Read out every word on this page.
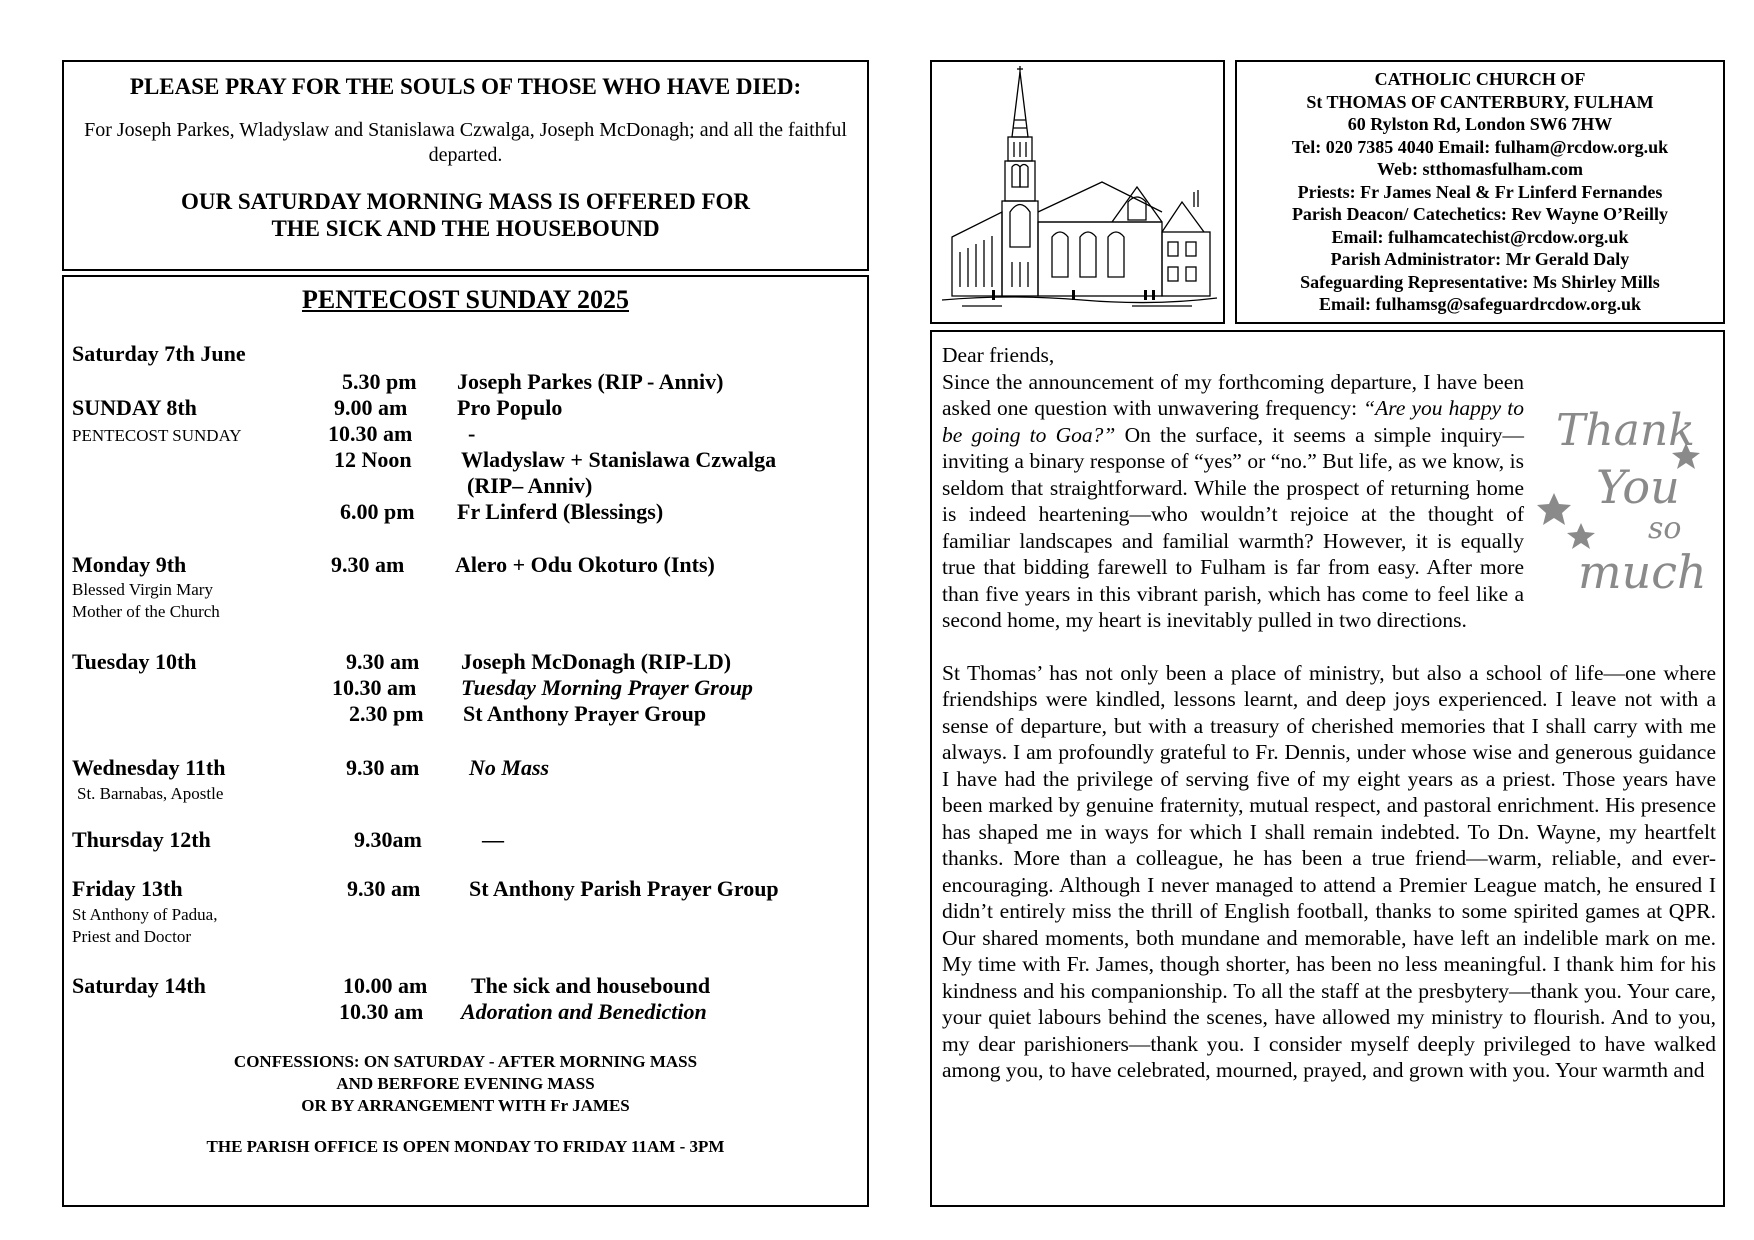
PLEASE PRAY FOR THE SOULS OF THOSE WHO HAVE DIED:

For Joseph Parkes, Wladyslaw and Stanislawa Czwalga, Joseph McDonagh; and all the faithful departed.

OUR SATURDAY MORNING MASS IS OFFERED FOR
THE SICK AND THE HOUSEBOUND

PENTECOST SUNDAY 2025
Saturday 7th June
5.30 pm Joseph Parkes (RIP - Anniv)
SUNDAY 8th
PENTECOST SUNDAY
9.00 am Pro Populo
10.30 am	-
12 Noon Wladyslaw + Stanislawa Czwalga
(RIP– Anniv)
6.00 pm Fr Linferd (Blessings)
Monday 9th
Blessed Virgin Mary
Mother of the Church
9.30 am Alero + Odu Okoturo (Ints)
Tuesday 10th	9.30 am Joseph McDonagh (RIP-LD)
10.30 am Tuesday Morning Prayer Group
2.30 pm St Anthony Prayer Group
Wednesday 11th
St. Barnabas, Apostle
9.30 am No Mass
Thursday 12th	9.30am	—
Friday 13th
St Anthony of Padua,
Priest and Doctor
9.30 am St Anthony Parish Prayer Group
Saturday 14th	10.00 am The sick and housebound
10.30 am Adoration and Benediction
CONFESSIONS: ON SATURDAY - AFTER MORNING MASS
AND BERFORE EVENING MASS
OR BY ARRANGEMENT WITH Fr JAMES
THE PARISH OFFICE IS OPEN MONDAY TO FRIDAY 11AM - 3PM
CATHOLIC CHURCH OF
St THOMAS OF CANTERBURY, FULHAM
60 Rylston Rd, London SW6 7HW
Tel: 020 7385 4040 Email: fulham@rcdow.org.uk
Web: stthomasfulham.com
Priests: Fr James Neal & Fr Linferd Fernandes
Parish Deacon/ Catechetics: Rev Wayne O’Reilly
Email: fulhamcatechist@rcdow.org.uk
Parish Administrator: Mr Gerald Daly
Safeguarding Representative: Ms Shirley Mills
Email: fulhamsg@safeguardrcdow.org.uk
Dear friends,
Thank
You
so
much
Since the announcement of my forthcoming departure, I have been asked one question with unwavering frequency: “Are you happy to be going to Goa?” On the surface, it seems a simple inquiry—inviting a binary response of “yes” or “no.” But life, as we know, is seldom that straightforward. While the prospect of returning home is indeed heartening—who wouldn’t rejoice at the thought of familiar landscapes and familial warmth? However, it is equally true that bidding farewell to Fulham is far from easy. After more than five years in this vibrant parish, which has come to feel like a second home, my heart is inevitably pulled in two directions.
St Thomas’ has not only been a place of ministry, but also a school of life—one where friendships were kindled, lessons learnt, and deep joys experienced. I leave not with a sense of departure, but with a treasury of cherished memories that I shall carry with me always. I am profoundly grateful to Fr. Dennis, under whose wise and generous guidance I have had the privilege of serving five of my eight years as a priest. Those years have been marked by genuine fraternity, mutual respect, and pastoral enrichment. His presence has shaped me in ways for which I shall remain indebted. To Dn. Wayne, my heartfelt thanks. More than a colleague, he has been a true friend—warm, reliable, and ever-encouraging. Although I never managed to attend a Premier League match, he ensured I didn’t entirely miss the thrill of English football, thanks to some spirited games at QPR. Our shared moments, both mundane and memorable, have left an indelible mark on me. My time with Fr. James, though shorter, has been no less meaningful. I thank him for his kindness and his companionship. To all the staff at the presbytery—thank you. Your care, your quiet labours behind the scenes, have allowed my ministry to flourish. And to you, my dear parishioners—thank you. I consider myself deeply privileged to have walked among you, to have celebrated, mourned, prayed, and grown with you. Your warmth and
